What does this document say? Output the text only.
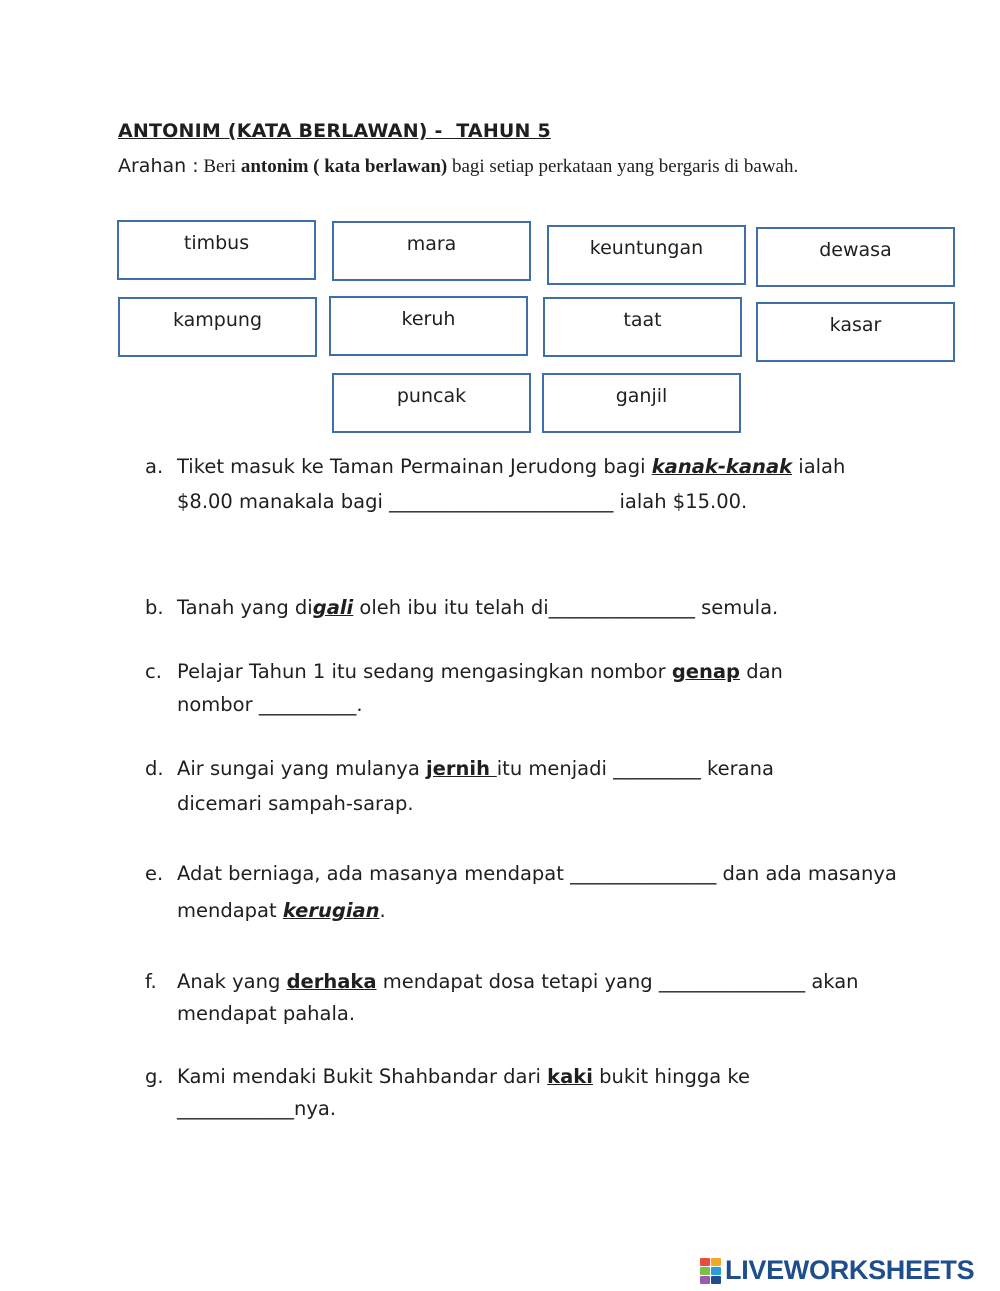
ANTONIM (KATA BERLAWAN) -  TAHUN 5
Arahan : Beri antonim ( kata berlawan) bagi setiap perkataan yang bergaris di bawah.
timbus	mara	keuntungan	dewasa
kampung	keruh	taat	kasar
puncak	ganjil
a. Tiket masuk ke Taman Permainan Jerudong bagi kanak-kanak ialah $8.00 manakala bagi _______________________ ialah $15.00.
b. Tanah yang digali oleh ibu itu telah di_______________ semula.
c. Pelajar Tahun 1 itu sedang mengasingkan nombor genap dan nombor __________.
d. Air sungai yang mulanya jernih itu menjadi _________ kerana dicemari sampah-sarap.
e. Adat berniaga, ada masanya mendapat _______________ dan ada masanya mendapat kerugian.
f. Anak yang derhaka mendapat dosa tetapi yang _______________ akan mendapat pahala.
g. Kami mendaki Bukit Shahbandar dari kaki bukit hingga ke ____________nya.
LIVEWORKSHEETS
